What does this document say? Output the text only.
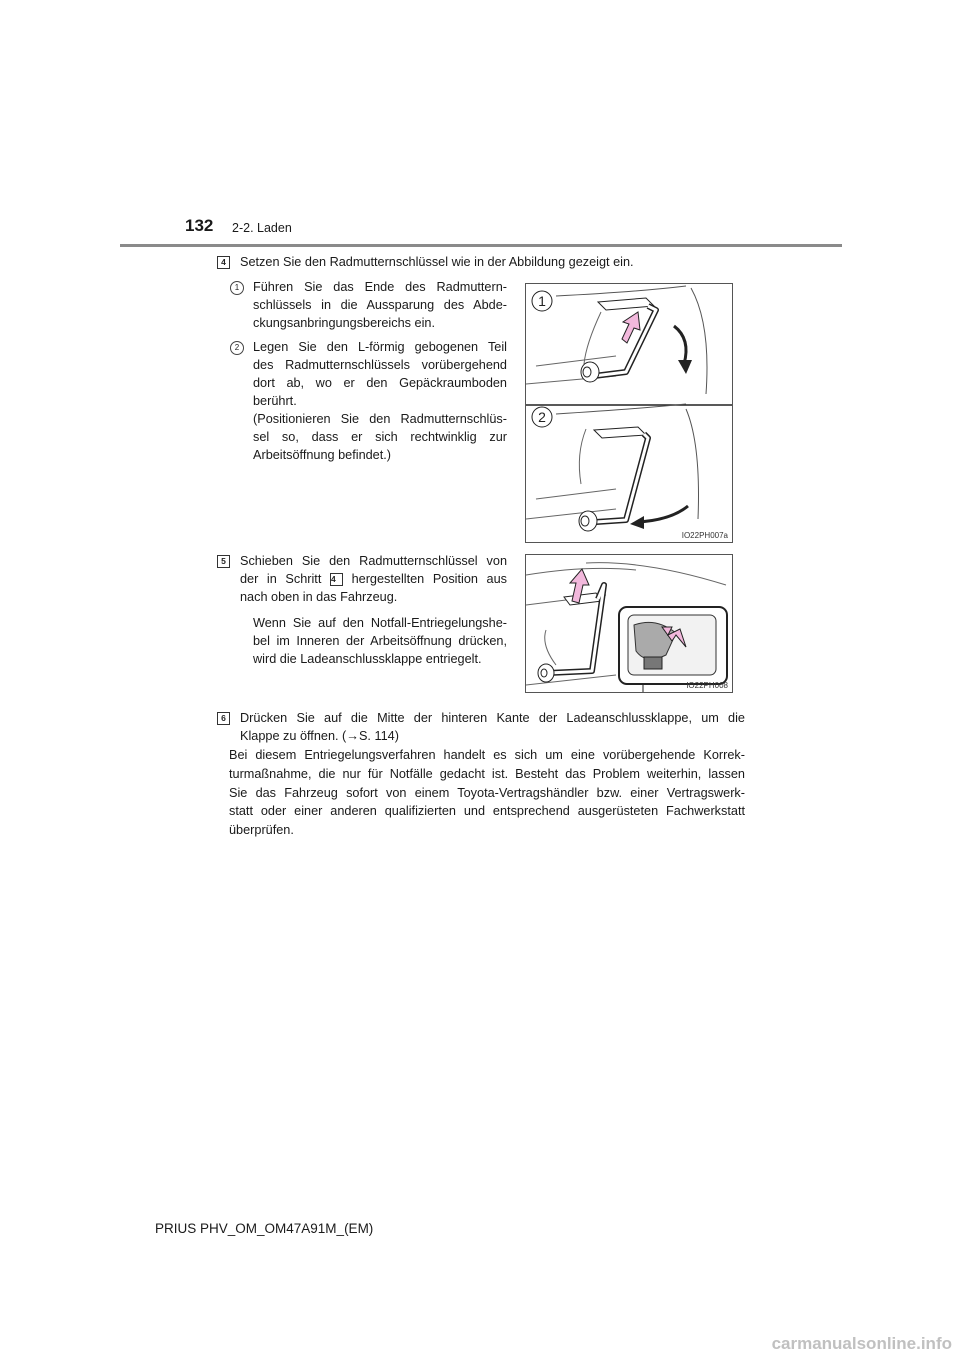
132 2-2. Laden
4	Setzen Sie den Radmutternschlüssel wie in der Abbildung gezeigt ein.
1	Führen Sie das Ende des Radmuttern-
schlüssels in die Aussparung des Abde-
ckungsanbringungsbereichs ein.
2	Legen Sie den L-förmig gebogenen Teil
des Radmutternschlüssels vorübergehend
dort ab, wo er den Gepäckraumboden
berührt.
(Positionieren Sie den Radmutternschlüs-
sel so, dass er sich rechtwinklig zur
Arbeitsöffnung befindet.)
1
2
IO22PH007a
5	Schieben Sie den Radmutternschlüssel von
der in Schritt 4 hergestellten Position aus
nach oben in das Fahrzeug.
Wenn Sie auf den Notfall-Entriegelungshe-
bel im Inneren der Arbeitsöffnung drücken,
wird die Ladeanschlussklappe entriegelt.
IO22PH008
6	Drücken Sie auf die Mitte der hinteren Kante der Ladeanschlussklappe, um die
Klappe zu öffnen. (→S. 114)
Bei diesem Entriegelungsverfahren handelt es sich um eine vorübergehende Korrek-
turmaßnahme, die nur für Notfälle gedacht ist. Besteht das Problem weiterhin, lassen
Sie das Fahrzeug sofort von einem Toyota-Vertragshändler bzw. einer Vertragswerk-
statt oder einer anderen qualifizierten und entsprechend ausgerüsteten Fachwerkstatt
überprüfen.
PRIUS PHV_OM_OM47A91M_(EM)
carmanualsonline.info
